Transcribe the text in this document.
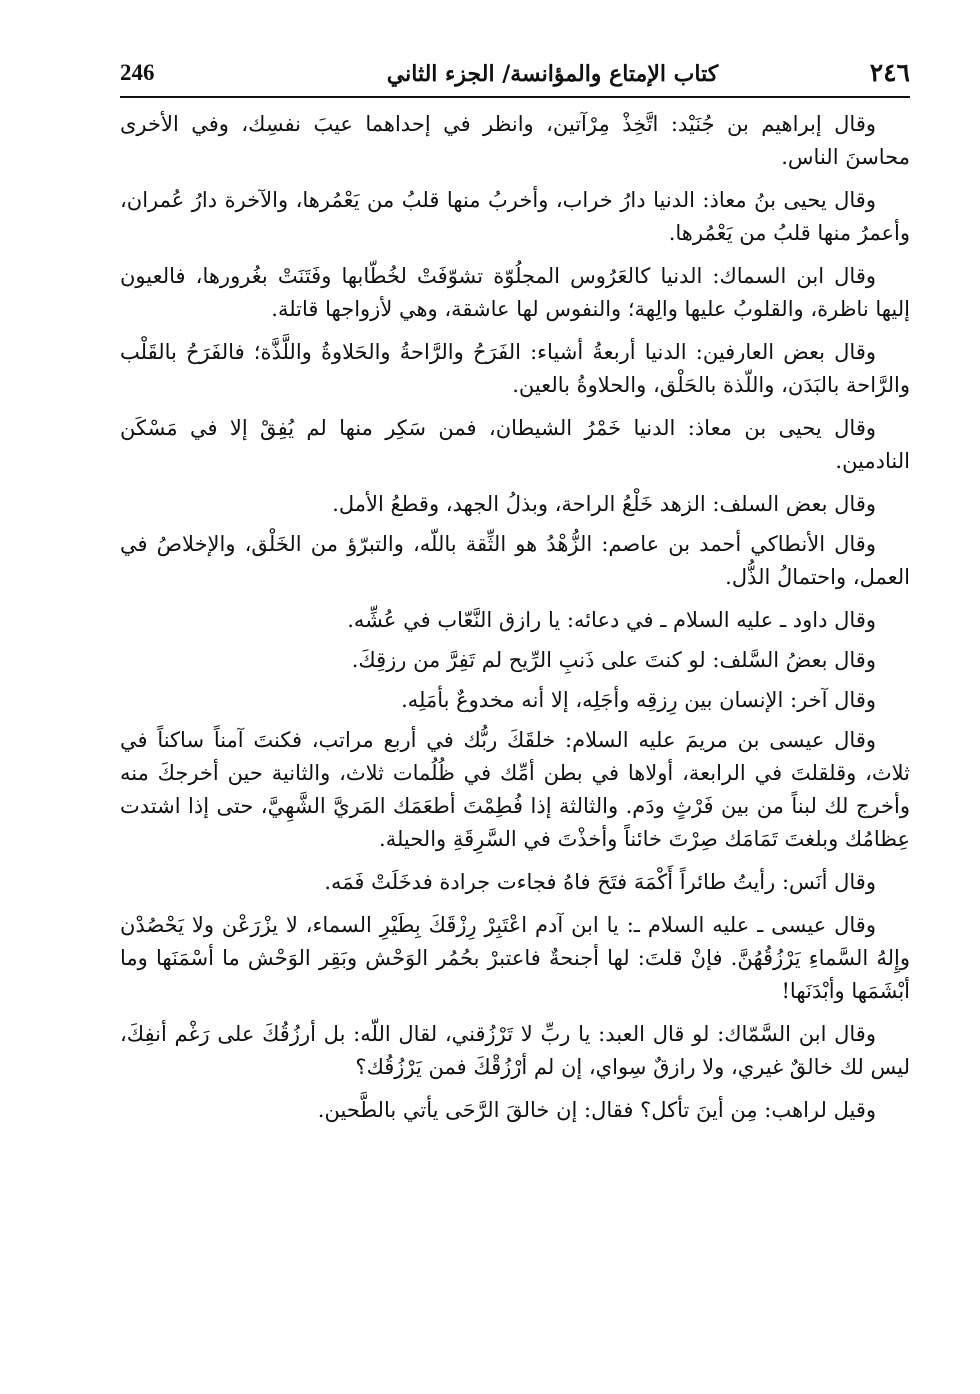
٢٤٦
كتاب الإمتاع والمؤانسة/ الجزء الثاني
246

وقال إبراهيم بن جُنَيْد: اتَّخِذْ مِرْآتين، وانظر في إحداهما عيبَ نفسِك، وفي الأخرى محاسنَ الناس.

وقال يحيى بنُ معاذ: الدنيا دارُ خراب، وأخربُ منها قلبُ من يَعْمُرها، والآخرة دارُ عُمران، وأعمرُ منها قلبُ من يَعْمُرها.

وقال ابن السماك: الدنيا كالعَرُوس المجلُوّة تشوّفَتْ لخُطّابها وفَتَنَتْ بغُرورها، فالعيون إليها ناظرة، والقلوبُ عليها والِهة؛ والنفوس لها عاشقة، وهي لأزواجها قاتلة.

وقال بعض العارفين: الدنيا أربعةُ أشياء: الفَرَحُ والرَّاحةُ والحَلاوةُ واللَّذَّة؛ فالفَرَحُ بالقَلْب والرَّاحة بالبَدَن، واللّذة بالحَلْق، والحلاوةُ بالعين.

وقال يحيى بن معاذ: الدنيا خَمْرُ الشيطان، فمن سَكِر منها لم يُفِقْ إلا في مَسْكَن النادمين.

وقال بعض السلف: الزهد خَلْعُ الراحة، وبذلُ الجهد، وقطعُ الأمل.

وقال الأنطاكي أحمد بن عاصم: الزُّهْدُ هو الثِّقة باللّه، والتبرّؤ من الخَلْق، والإخلاصُ في العمل، واحتمالُ الذُّل.

وقال داود ـ عليه السلام ـ في دعائه: يا رازق النَّعّاب في عُشِّه.

وقال بعضُ السَّلف: لو كنتَ على ذَنبِ الرِّيح لم تَفِرَّ من رزقِكَ.

وقال آخر: الإنسان بين رِزقِه وأجَلِه، إلا أنه مخدوعٌ بأمَلِه.

وقال عيسى بن مريمَ عليه السلام: خلقَكَ ربُّك في أربع مراتب، فكنتَ آمناً ساكناً في ثلاث، وقلقلتَ في الرابعة، أولاها في بطن أمِّك في ظُلُمات ثلاث، والثانية حين أخرجكَ منه وأخرج لك لبناً من بين فَرْثٍ ودَم. والثالثة إذا فُطِمْتَ أطعَمَك المَريَّ الشَّهِيَّ، حتى إذا اشتدت عِظامُك وبلغتَ تَمَامَك صِرْتَ خائناً وأخذْتَ في السَّرِقَةِ والحيلة.

وقال أنَس: رأيتُ طائراً أَكْمَهَ فتَحَ فاهُ فجاءت جرادة فدخَلَتْ فَمَه.

وقال عيسى ـ عليه السلام ـ: يا ابن آدم اعْتَبِرْ رِزْقَكَ بِطَيْرِ السماء، لا يزْرَعْن ولا يَحْصُدْن وإِلهُ السَّماءِ يَرْزُقُهُنَّ. فإنْ قلتَ: لها أجنحةٌ فاعتبرْ بحُمُر الوَحْش وبَقِر الوَحْش ما أسْمَنَها وما أبْشَمَها وأبْدَنَها!

وقال ابن السَّمّاك: لو قال العبد: يا ربِّ لا تَرْزُقني، لقال اللّه: بل أرزُقُكَ على رَغْم أنفِكَ، ليس لك خالقٌ غيري، ولا رازقٌ سِواي، إن لم أرْزُقْكَ فمن يَرْزُقُك؟

وقيل لراهب: مِن أينَ تأكل؟ فقال: إن خالقَ الرَّحَى يأتي بالطَّحين.
